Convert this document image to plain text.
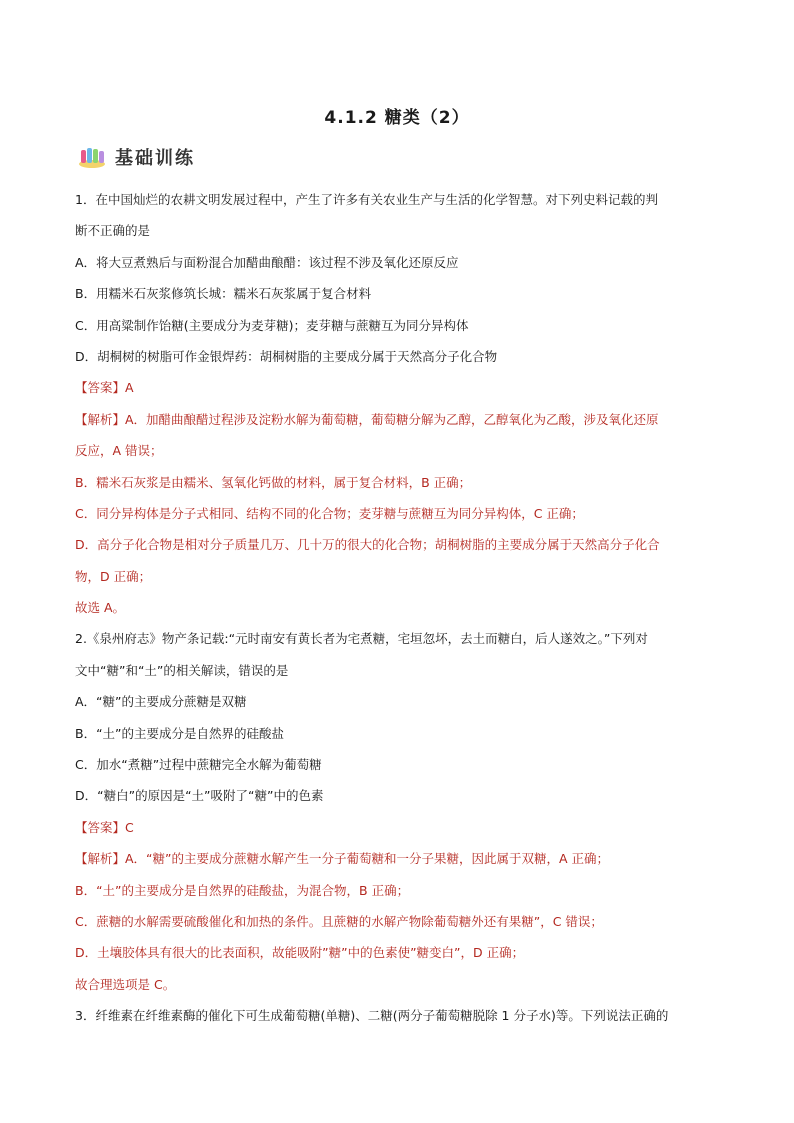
4.1.2 糖类（2）
基础训练
1．在中国灿烂的农耕文明发展过程中，产生了许多有关农业生产与生活的化学智慧。对下列史料记载的判
断不正确的是
A．将大豆煮熟后与面粉混合加醋曲酿醋：该过程不涉及氧化还原反应
B．用糯米石灰浆修筑长城：糯米石灰浆属于复合材料
C．用高粱制作饴糖(主要成分为麦芽糖)；麦芽糖与蔗糖互为同分异构体
D．胡桐树的树脂可作金银焊药：胡桐树脂的主要成分属于天然高分子化合物
【答案】A
【解析】A．加醋曲酿醋过程涉及淀粉水解为葡萄糖，葡萄糖分解为乙醇，乙醇氧化为乙酸，涉及氧化还原
反应，A 错误；
B．糯米石灰浆是由糯米、氢氧化钙做的材料，属于复合材料，B 正确；
C．同分异构体是分子式相同、结构不同的化合物；麦芽糖与蔗糖互为同分异构体，C 正确；
D．高分子化合物是相对分子质量几万、几十万的很大的化合物；胡桐树脂的主要成分属于天然高分子化合
物，D 正确；
故选 A。
2.《泉州府志》物产条记载:“元时南安有黄长者为宅煮糖，宅垣忽坏，去土而糖白，后人遂效之。”下列对
文中“糖”和“土”的相关解读，错误的是
A．“糖”的主要成分蔗糖是双糖
B．“土”的主要成分是自然界的硅酸盐
C．加水“煮糖”过程中蔗糖完全水解为葡萄糖
D．“糖白”的原因是“土”吸附了“糖”中的色素
【答案】C
【解析】A．“糖”的主要成分蔗糖水解产生一分子葡萄糖和一分子果糖，因此属于双糖，A 正确；
B．“土”的主要成分是自然界的硅酸盐，为混合物，B 正确；
C．蔗糖的水解需要硫酸催化和加热的条件。且蔗糖的水解产物除葡萄糖外还有果糖”，C 错误；
D．土壤胶体具有很大的比表面积，故能吸附”糖”中的色素使”糖变白”，D 正确；
故合理选项是 C。
3．纤维素在纤维素酶的催化下可生成葡萄糖(单糖)、二糖(两分子葡萄糖脱除 1 分子水)等。下列说法正确的
